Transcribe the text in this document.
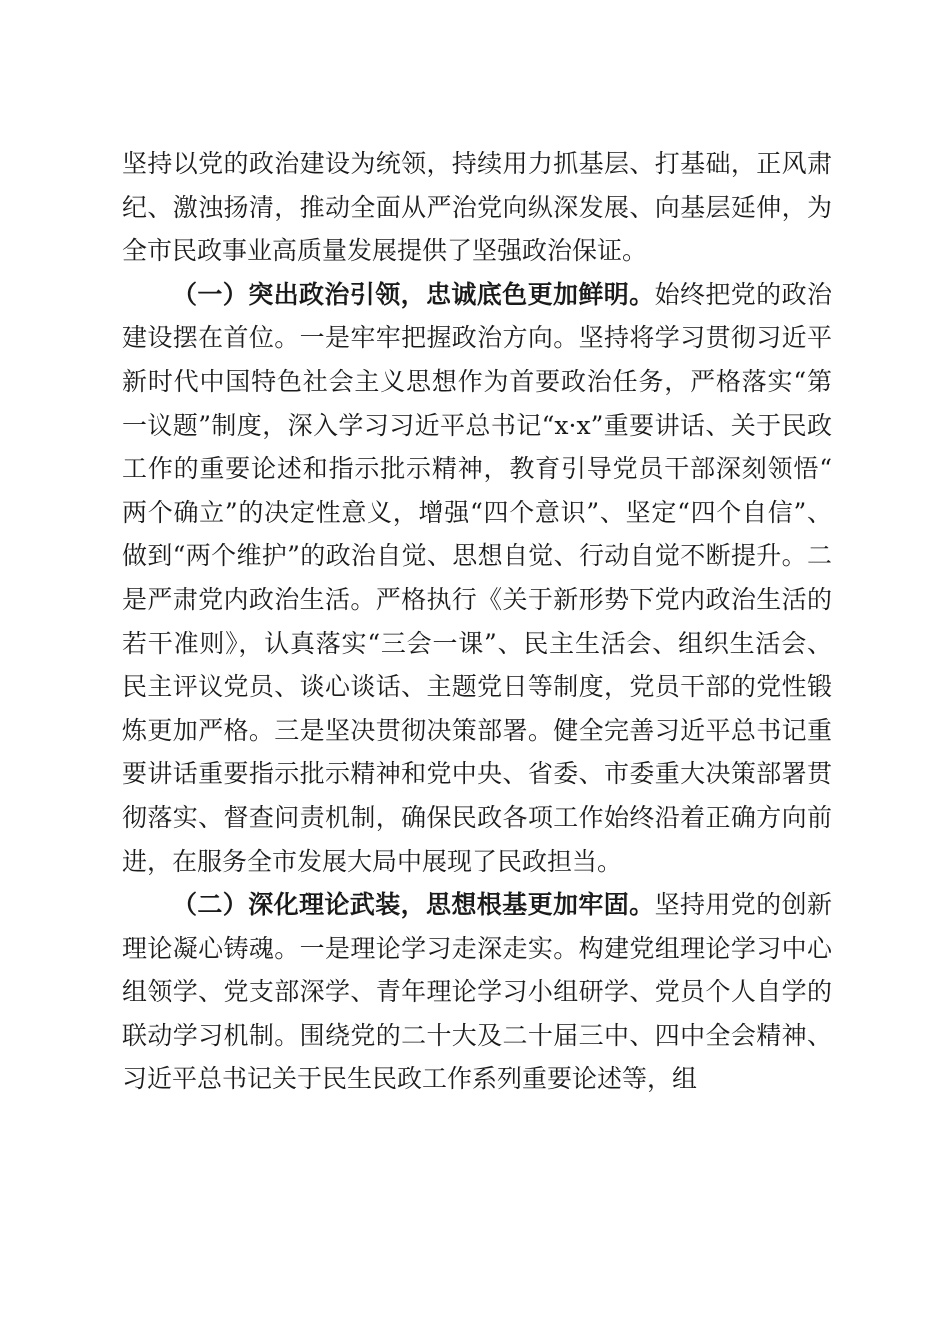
坚持以党的政治建设为统领，持续用力抓基层、打基础，正风肃纪、激浊扬清，推动全面从严治党向纵深发展、向基层延伸，为全市民政事业高质量发展提供了坚强政治保证。

（一）突出政治引领，忠诚底色更加鲜明。始终把党的政治建设摆在首位。一是牢牢把握政治方向。坚持将学习贯彻习近平新时代中国特色社会主义思想作为首要政治任务，严格落实“第一议题”制度，深入学习习近平总书记“x·x”重要讲话、关于民政工作的重要论述和指示批示精神，教育引导党员干部深刻领悟“两个确立”的决定性意义，增强“四个意识”、坚定“四个自信”、做到“两个维护”的政治自觉、思想自觉、行动自觉不断提升。二是严肃党内政治生活。严格执行《关于新形势下党内政治生活的若干准则》，认真落实“三会一课”、民主生活会、组织生活会、民主评议党员、谈心谈话、主题党日等制度，党员干部的党性锻炼更加严格。三是坚决贯彻决策部署。健全完善习近平总书记重要讲话重要指示批示精神和党中央、省委、市委重大决策部署贯彻落实、督查问责机制，确保民政各项工作始终沿着正确方向前进，在服务全市发展大局中展现了民政担当。

（二）深化理论武装，思想根基更加牢固。坚持用党的创新理论凝心铸魂。一是理论学习走深走实。构建党组理论学习中心组领学、党支部深学、青年理论学习小组研学、党员个人自学的联动学习机制。围绕党的二十大及二十届三中、四中全会精神、习近平总书记关于民生民政工作系列重要论述等，组
